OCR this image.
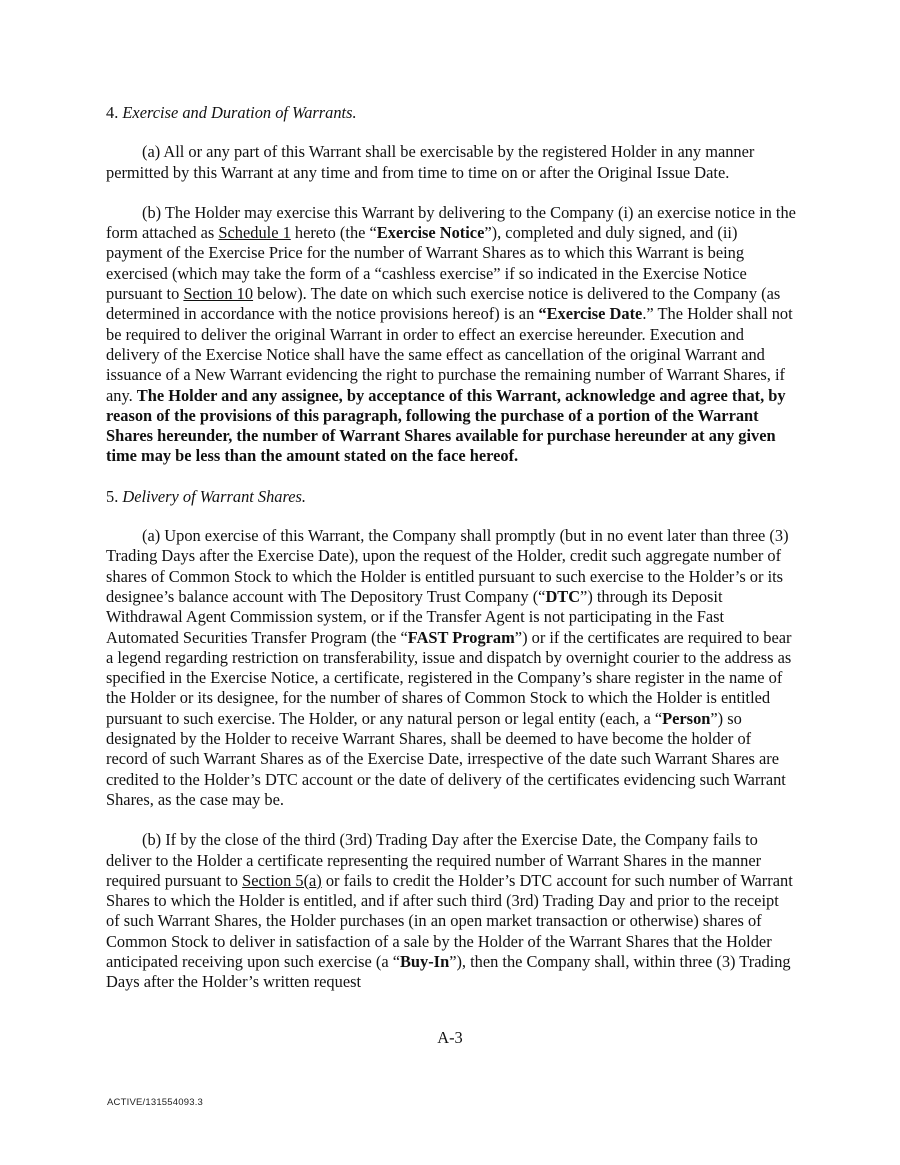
4. Exercise and Duration of Warrants.

(a) All or any part of this Warrant shall be exercisable by the registered Holder in any manner permitted by this Warrant at any time and from time to time on or after the Original Issue Date.

(b) The Holder may exercise this Warrant by delivering to the Company (i) an exercise notice in the form attached as Schedule 1 hereto (the “Exercise Notice”), completed and duly signed, and (ii) payment of the Exercise Price for the number of Warrant Shares as to which this Warrant is being exercised (which may take the form of a “cashless exercise” if so indicated in the Exercise Notice pursuant to Section 10 below). The date on which such exercise notice is delivered to the Company (as determined in accordance with the notice provisions hereof) is an “Exercise Date.” The Holder shall not be required to deliver the original Warrant in order to effect an exercise hereunder. Execution and delivery of the Exercise Notice shall have the same effect as cancellation of the original Warrant and issuance of a New Warrant evidencing the right to purchase the remaining number of Warrant Shares, if any. The Holder and any assignee, by acceptance of this Warrant, acknowledge and agree that, by reason of the provisions of this paragraph, following the purchase of a portion of the Warrant Shares hereunder, the number of Warrant Shares available for purchase hereunder at any given time may be less than the amount stated on the face hereof.

5. Delivery of Warrant Shares.

(a) Upon exercise of this Warrant, the Company shall promptly (but in no event later than three (3) Trading Days after the Exercise Date), upon the request of the Holder, credit such aggregate number of shares of Common Stock to which the Holder is entitled pursuant to such exercise to the Holder’s or its designee’s balance account with The Depository Trust Company (“DTC”) through its Deposit Withdrawal Agent Commission system, or if the Transfer Agent is not participating in the Fast Automated Securities Transfer Program (the “FAST Program”) or if the certificates are required to bear a legend regarding restriction on transferability, issue and dispatch by overnight courier to the address as specified in the Exercise Notice, a certificate, registered in the Company’s share register in the name of the Holder or its designee, for the number of shares of Common Stock to which the Holder is entitled pursuant to such exercise. The Holder, or any natural person or legal entity (each, a “Person”) so designated by the Holder to receive Warrant Shares, shall be deemed to have become the holder of record of such Warrant Shares as of the Exercise Date, irrespective of the date such Warrant Shares are credited to the Holder’s DTC account or the date of delivery of the certificates evidencing such Warrant Shares, as the case may be.

(b) If by the close of the third (3rd) Trading Day after the Exercise Date, the Company fails to deliver to the Holder a certificate representing the required number of Warrant Shares in the manner required pursuant to Section 5(a) or fails to credit the Holder’s DTC account for such number of Warrant Shares to which the Holder is entitled, and if after such third (3rd) Trading Day and prior to the receipt of such Warrant Shares, the Holder purchases (in an open market transaction or otherwise) shares of Common Stock to deliver in satisfaction of a sale by the Holder of the Warrant Shares that the Holder anticipated receiving upon such exercise (a “Buy-In”), then the Company shall, within three (3) Trading Days after the Holder’s written request

A-3
ACTIVE/131554093.3
